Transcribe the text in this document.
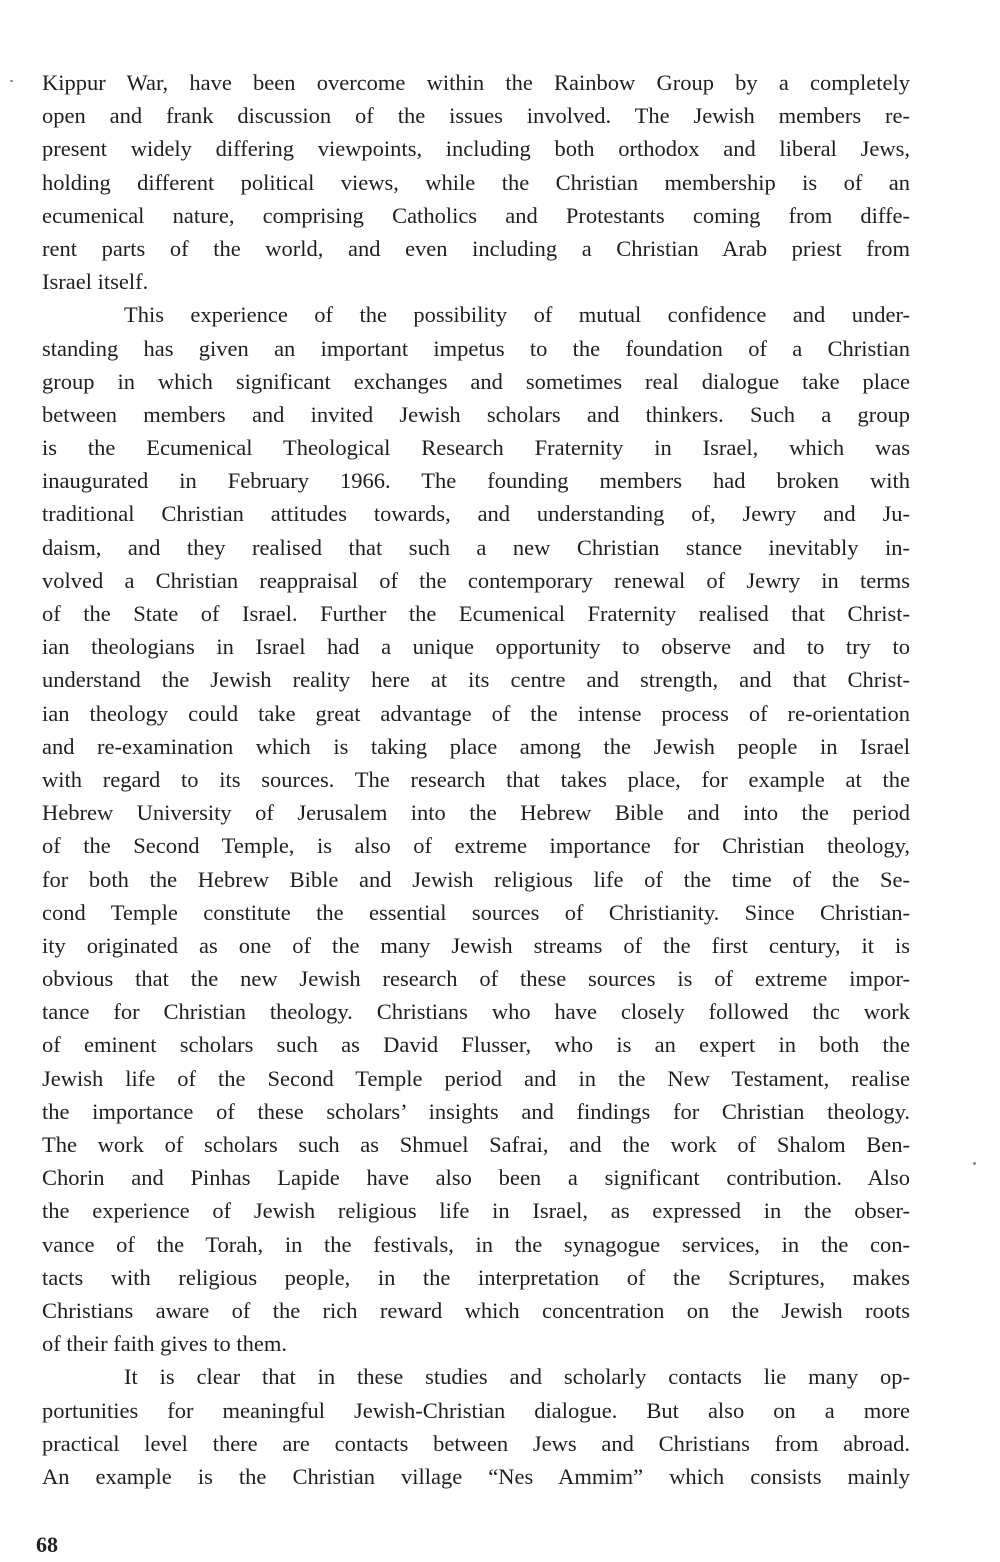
Kippur War, have been overcome within the Rainbow Group by a completely
open and frank discussion of the issues involved. The Jewish members re-
present widely differing viewpoints, including both orthodox and liberal Jews,
holding different political views, while the Christian membership is of an
ecumenical nature, comprising Catholics and Protestants coming from diffe-
rent parts of the world, and even including a Christian Arab priest from
Israel itself.
This experience of the possibility of mutual confidence and under-
standing has given an important impetus to the foundation of a Christian
group in which significant exchanges and sometimes real dialogue take place
between members and invited Jewish scholars and thinkers. Such a group
is the Ecumenical Theological Research Fraternity in Israel, which was
inaugurated in February 1966. The founding members had broken with
traditional Christian attitudes towards, and understanding of, Jewry and Ju-
daism, and they realised that such a new Christian stance inevitably in-
volved a Christian reappraisal of the contemporary renewal of Jewry in terms
of the State of Israel. Further the Ecumenical Fraternity realised that Christ-
ian theologians in Israel had a unique opportunity to observe and to try to
understand the Jewish reality here at its centre and strength, and that Christ-
ian theology could take great advantage of the intense process of re-orientation
and re-examination which is taking place among the Jewish people in Israel
with regard to its sources. The research that takes place, for example at the
Hebrew University of Jerusalem into the Hebrew Bible and into the period
of the Second Temple, is also of extreme importance for Christian theology,
for both the Hebrew Bible and Jewish religious life of the time of the Se-
cond Temple constitute the essential sources of Christianity. Since Christian-
ity originated as one of the many Jewish streams of the first century, it is
obvious that the new Jewish research of these sources is of extreme impor-
tance for Christian theology. Christians who have closely followed thc work
of eminent scholars such as David Flusser, who is an expert in both the
Jewish life of the Second Temple period and in the New Testament, realise
the importance of these scholars’ insights and findings for Christian theology.
The work of scholars such as Shmuel Safrai, and the work of Shalom Ben-
Chorin and Pinhas Lapide have also been a significant contribution. Also
the experience of Jewish religious life in Israel, as expressed in the obser-
vance of the Torah, in the festivals, in the synagogue services, in the con-
tacts with religious people, in the interpretation of the Scriptures, makes
Christians aware of the rich reward which concentration on the Jewish roots
of their faith gives to them.
It is clear that in these studies and scholarly contacts lie many op-
portunities for meaningful Jewish-Christian dialogue. But also on a more
practical level there are contacts between Jews and Christians from abroad.
An example is the Christian village “Nes Ammim” which consists mainly
68
